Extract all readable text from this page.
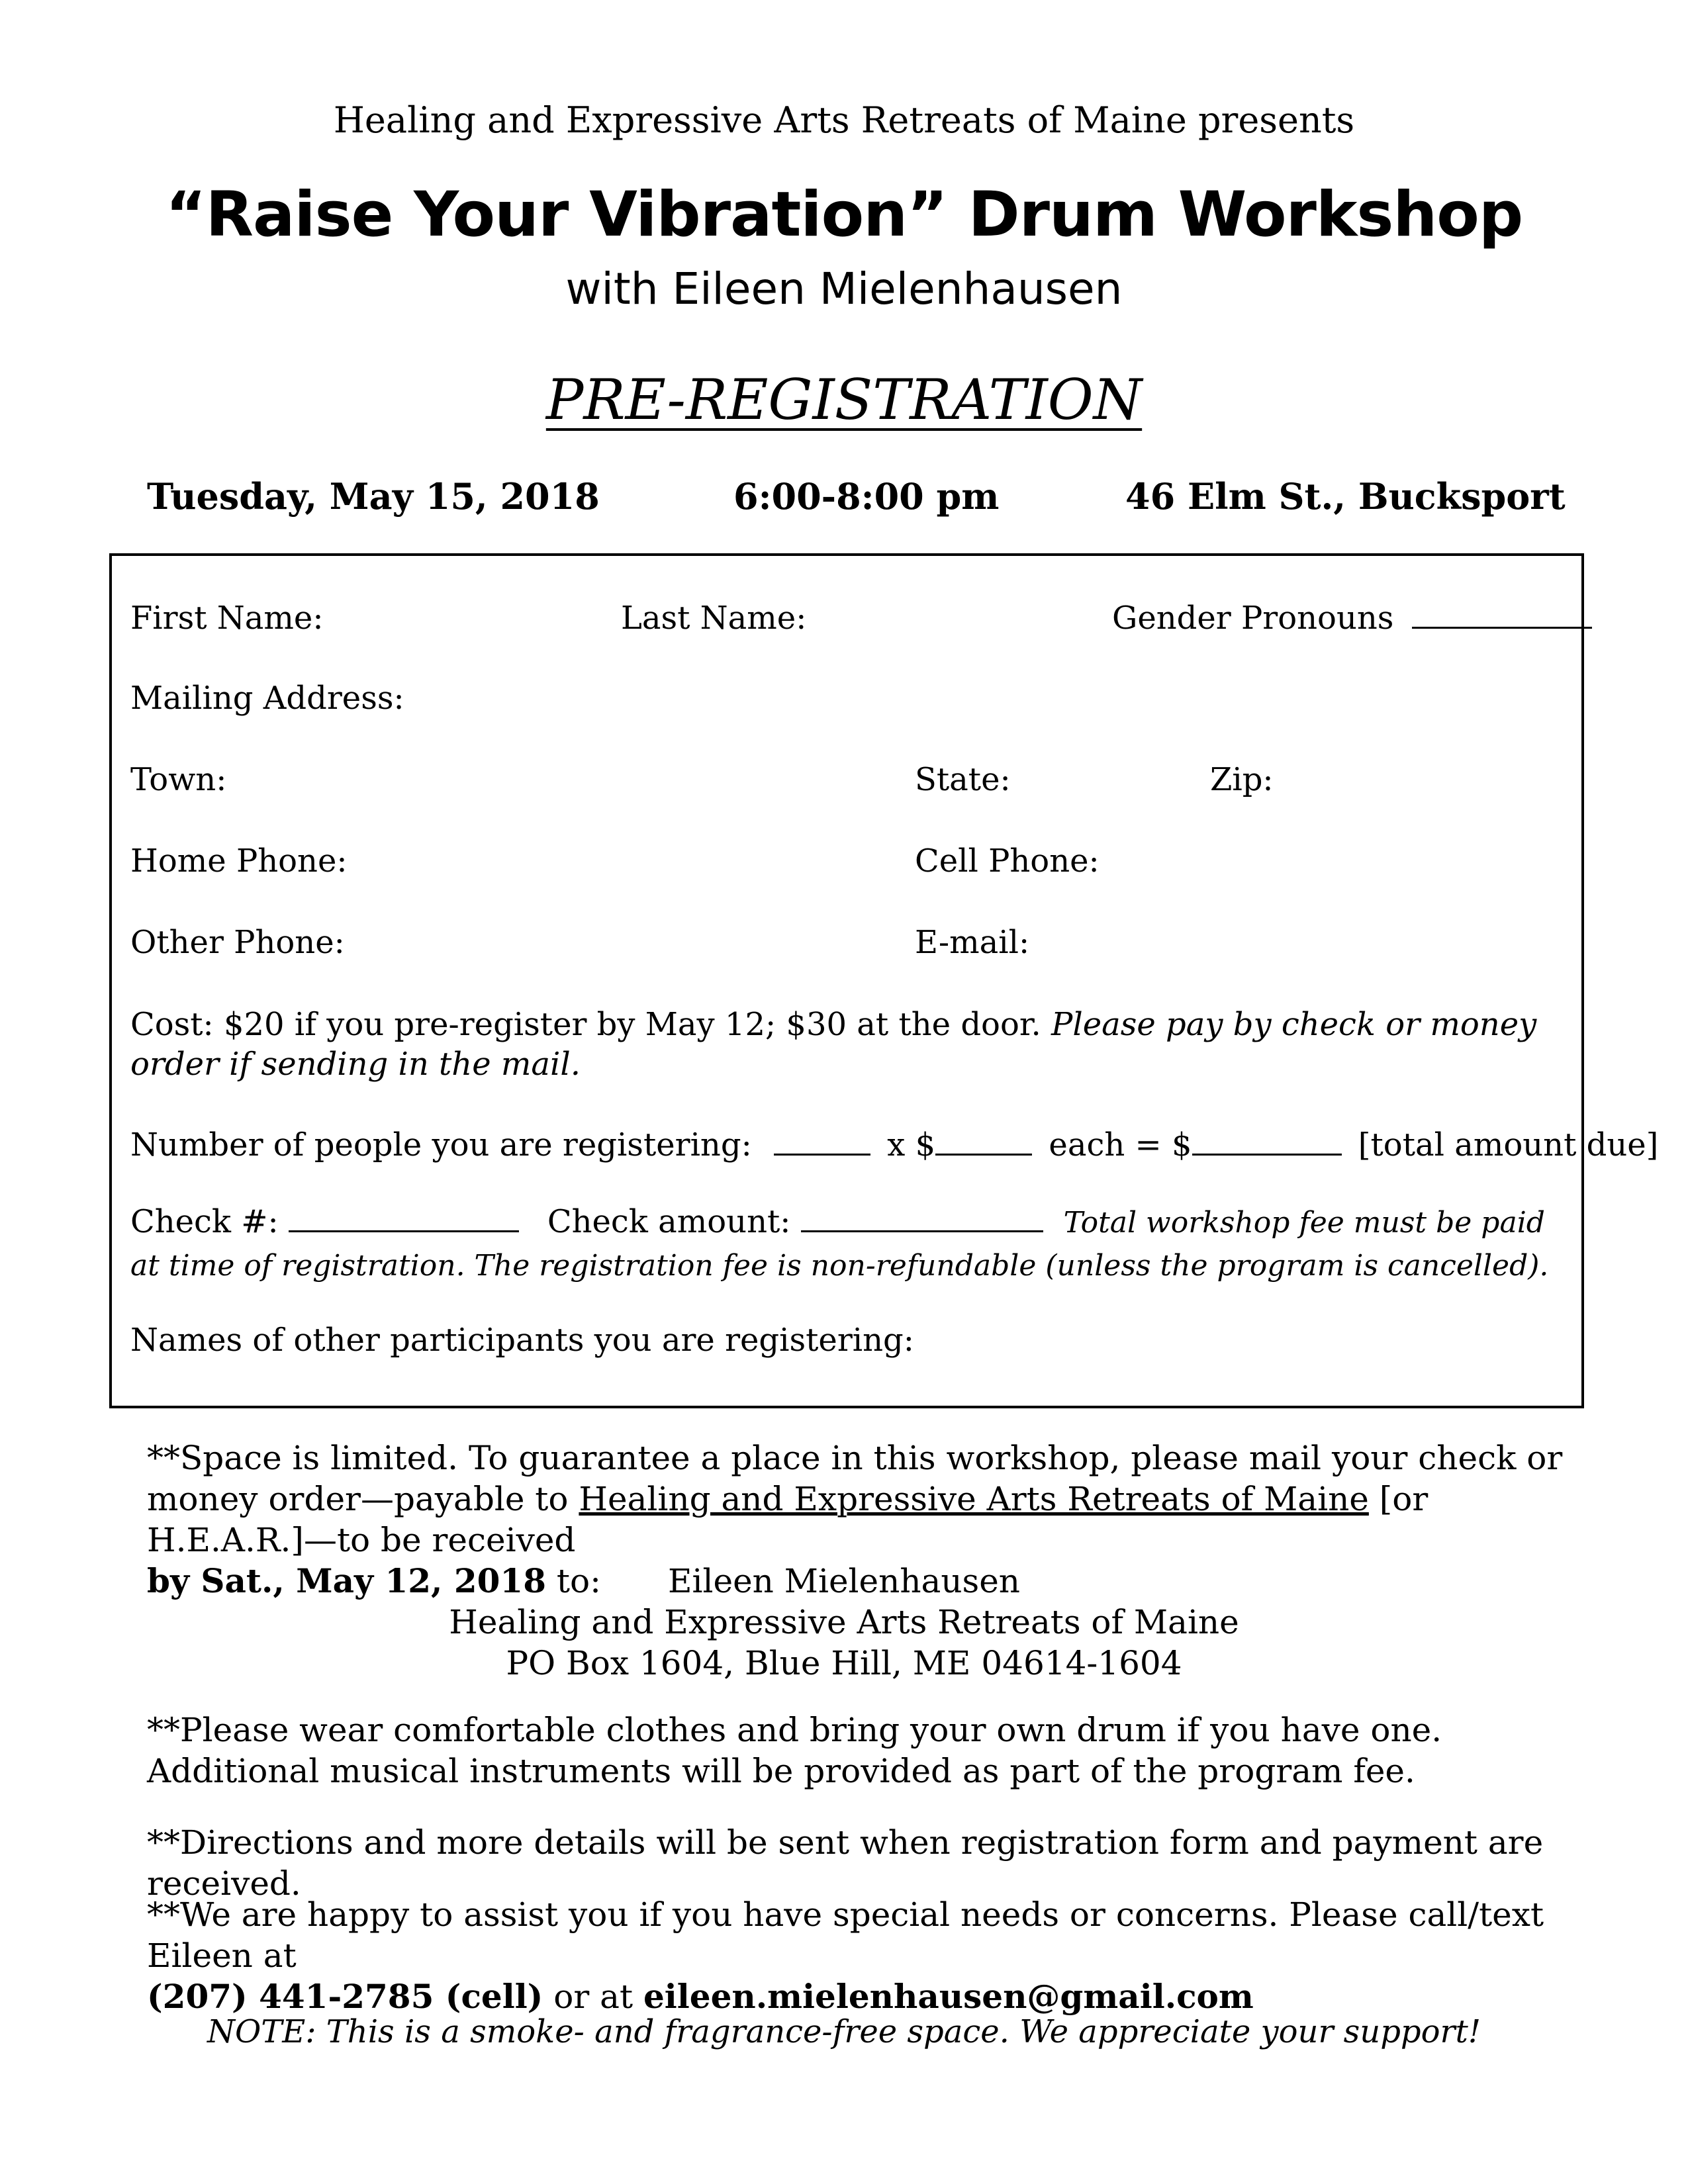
Healing and Expressive Arts Retreats of Maine presents
“Raise Your Vibration” Drum Workshop
with Eileen Mielenhausen
PRE-REGISTRATION
Tuesday, May 15, 2018	6:00-8:00 pm	46 Elm St., Bucksport
First Name:	Last Name:	Gender Pronouns
Mailing Address:
Town:	State:	Zip:
Home Phone:	Cell Phone:
Other Phone:	E-mail:
Cost: $20 if you pre-register by May 12; $30 at the door. Please pay by check or money order if sending in the mail.
Number of people you are registering:	x $	each = $	[total amount due]
Check #:	Check amount:	Total workshop fee must be paid at time of registration. The registration fee is non-refundable (unless the program is cancelled).
Names of other participants you are registering:
**Space is limited. To guarantee a place in this workshop, please mail your check or money order—payable to Healing and Expressive Arts Retreats of Maine [or H.E.A.R.]—to be received
by Sat., May 12, 2018 to:	Eileen Mielenhausen
Healing and Expressive Arts Retreats of Maine
PO Box 1604, Blue Hill, ME 04614-1604
**Please wear comfortable clothes and bring your own drum if you have one. Additional musical instruments will be provided as part of the program fee.
**Directions and more details will be sent when registration form and payment are received.
**We are happy to assist you if you have special needs or concerns. Please call/text Eileen at
(207) 441-2785 (cell) or at eileen.mielenhausen@gmail.com
NOTE: This is a smoke- and fragrance-free space. We appreciate your support!
